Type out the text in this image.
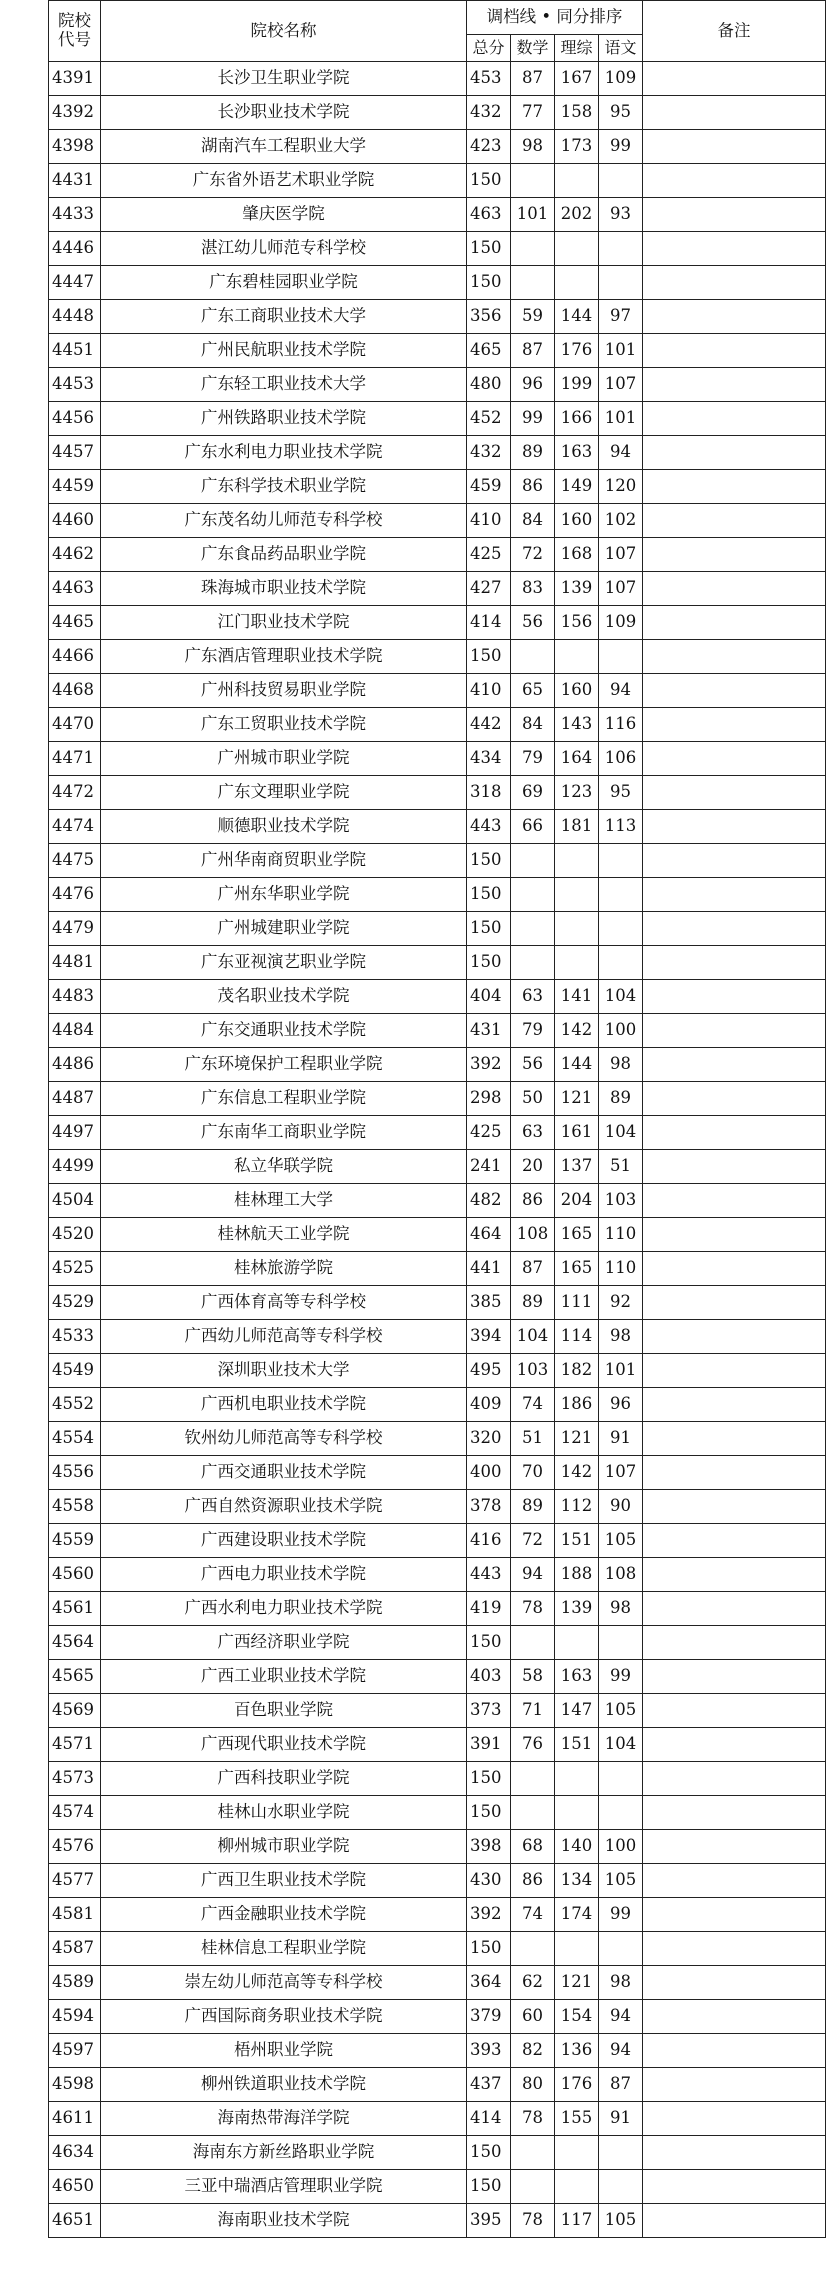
院校
代号	院校名称	调档线 • 同分排序				备注
		总分	数学	理综	语文	
4391	长沙卫生职业学院	453	87	167	109	
4392	长沙职业技术学院	432	77	158	95	
4398	湖南汽车工程职业大学	423	98	173	99	
4431	广东省外语艺术职业学院	150				
4433	肇庆医学院	463	101	202	93	
4446	湛江幼儿师范专科学校	150				
4447	广东碧桂园职业学院	150				
4448	广东工商职业技术大学	356	59	144	97	
4451	广州民航职业技术学院	465	87	176	101	
4453	广东轻工职业技术大学	480	96	199	107	
4456	广州铁路职业技术学院	452	99	166	101	
4457	广东水利电力职业技术学院	432	89	163	94	
4459	广东科学技术职业学院	459	86	149	120	
4460	广东茂名幼儿师范专科学校	410	84	160	102	
4462	广东食品药品职业学院	425	72	168	107	
4463	珠海城市职业技术学院	427	83	139	107	
4465	江门职业技术学院	414	56	156	109	
4466	广东酒店管理职业技术学院	150				
4468	广州科技贸易职业学院	410	65	160	94	
4470	广东工贸职业技术学院	442	84	143	116	
4471	广州城市职业学院	434	79	164	106	
4472	广东文理职业学院	318	69	123	95	
4474	顺德职业技术学院	443	66	181	113	
4475	广州华南商贸职业学院	150				
4476	广州东华职业学院	150				
4479	广州城建职业学院	150				
4481	广东亚视演艺职业学院	150				
4483	茂名职业技术学院	404	63	141	104	
4484	广东交通职业技术学院	431	79	142	100	
4486	广东环境保护工程职业学院	392	56	144	98	
4487	广东信息工程职业学院	298	50	121	89	
4497	广东南华工商职业学院	425	63	161	104	
4499	私立华联学院	241	20	137	51	
4504	桂林理工大学	482	86	204	103	
4520	桂林航天工业学院	464	108	165	110	
4525	桂林旅游学院	441	87	165	110	
4529	广西体育高等专科学校	385	89	111	92	
4533	广西幼儿师范高等专科学校	394	104	114	98	
4549	深圳职业技术大学	495	103	182	101	
4552	广西机电职业技术学院	409	74	186	96	
4554	钦州幼儿师范高等专科学校	320	51	121	91	
4556	广西交通职业技术学院	400	70	142	107	
4558	广西自然资源职业技术学院	378	89	112	90	
4559	广西建设职业技术学院	416	72	151	105	
4560	广西电力职业技术学院	443	94	188	108	
4561	广西水利电力职业技术学院	419	78	139	98	
4564	广西经济职业学院	150				
4565	广西工业职业技术学院	403	58	163	99	
4569	百色职业学院	373	71	147	105	
4571	广西现代职业技术学院	391	76	151	104	
4573	广西科技职业学院	150				
4574	桂林山水职业学院	150				
4576	柳州城市职业学院	398	68	140	100	
4577	广西卫生职业技术学院	430	86	134	105	
4581	广西金融职业技术学院	392	74	174	99	
4587	桂林信息工程职业学院	150				
4589	崇左幼儿师范高等专科学校	364	62	121	98	
4594	广西国际商务职业技术学院	379	60	154	94	
4597	梧州职业学院	393	82	136	94	
4598	柳州铁道职业技术学院	437	80	176	87	
4611	海南热带海洋学院	414	78	155	91	
4634	海南东方新丝路职业学院	150				
4650	三亚中瑞酒店管理职业学院	150				
4651	海南职业技术学院	395	78	117	105	
